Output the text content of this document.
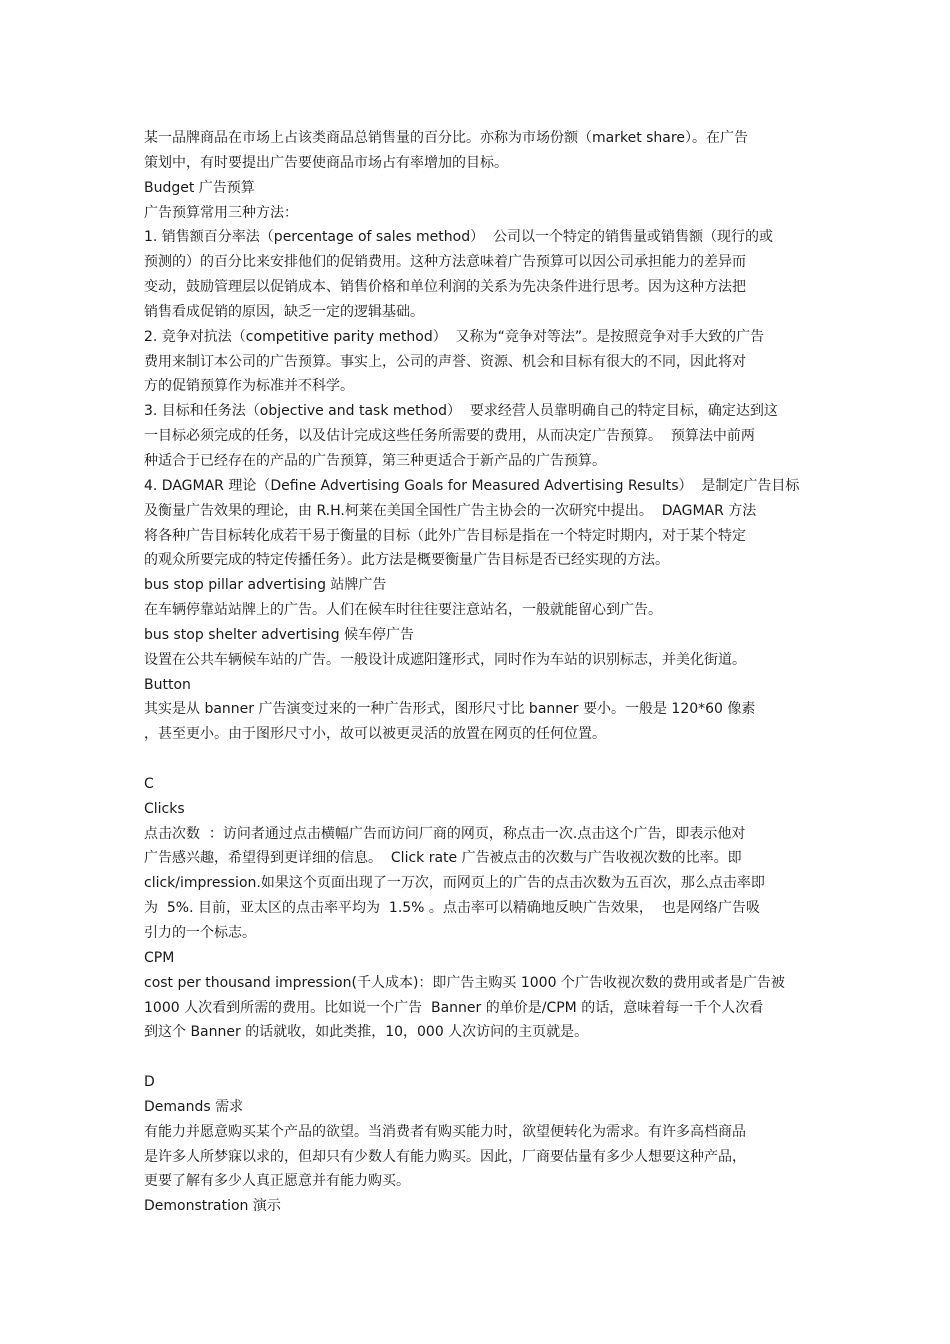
某一品牌商品在市场上占该类商品总销售量的百分比。亦称为市场份额（market share）。在广告
策划中，有时要提出广告要使商品市场占有率增加的目标。
Budget 广告预算
广告预算常用三种方法：
1. 销售额百分率法（percentage of sales method）  公司以一个特定的销售量或销售额（现行的或
预测的）的百分比来安排他们的促销费用。这种方法意味着广告预算可以因公司承担能力的差异而
变动，鼓励管理层以促销成本、销售价格和单位利润的关系为先决条件进行思考。因为这种方法把
销售看成促销的原因，缺乏一定的逻辑基础。
2. 竞争对抗法（competitive parity method）  又称为“竞争对等法”。是按照竞争对手大致的广告
费用来制订本公司的广告预算。事实上，公司的声誉、资源、机会和目标有很大的不同，因此将对
方的促销预算作为标准并不科学。
3. 目标和任务法（objective and task method）  要求经营人员靠明确自己的特定目标，确定达到这
一目标必须完成的任务，以及估计完成这些任务所需要的费用，从而决定广告预算。  预算法中前两
种适合于已经存在的产品的广告预算，第三种更适合于新产品的广告预算。
4. DAGMAR 理论（Define Advertising Goals for Measured Advertising Results）  是制定广告目标
及衡量广告效果的理论，由 R.H.柯莱在美国全国性广告主协会的一次研究中提出。  DAGMAR 方法
将各种广告目标转化成若干易于衡量的目标（此外广告目标是指在一个特定时期内，对于某个特定
的观众所要完成的特定传播任务）。此方法是概要衡量广告目标是否已经实现的方法。
bus stop pillar advertising 站牌广告
在车辆停靠站站牌上的广告。人们在候车时往往要注意站名，一般就能留心到广告。
bus stop shelter advertising 候车停广告
设置在公共车辆候车站的广告。一般设计成遮阳篷形式，同时作为车站的识别标志，并美化街道。
Button
其实是从 banner 广告演变过来的一种广告形式，图形尺寸比 banner 要小。一般是 120*60 像素
，甚至更小。由于图形尺寸小，故可以被更灵活的放置在网页的任何位置。
C
Clicks
点击次数  ：访问者通过点击横幅广告而访问厂商的网页，称点击一次.点击这个广告，即表示他对
广告感兴趣，希望得到更详细的信息。  Click rate 广告被点击的次数与广告收视次数的比率。即
click/impression.如果这个页面出现了一万次，而网页上的广告的点击次数为五百次，那么点击率即
为  5%. 目前，亚太区的点击率平均为  1.5% 。点击率可以精确地反映广告效果，  也是网络广告吸
引力的一个标志。
CPM
cost per thousand impression(千人成本)：即广告主购买 1000 个广告收视次数的费用或者是广告被
1000 人次看到所需的费用。比如说一个广告  Banner 的单价是/CPM 的话，意味着每一千个人次看
到这个 Banner 的话就收，如此类推，10，000 人次访问的主页就是。
D
Demands 需求
有能力并愿意购买某个产品的欲望。当消费者有购买能力时，欲望便转化为需求。有许多高档商品
是许多人所梦寐以求的，但却只有少数人有能力购买。因此，厂商要估量有多少人想要这种产品，
更要了解有多少人真正愿意并有能力购买。
Demonstration 演示
